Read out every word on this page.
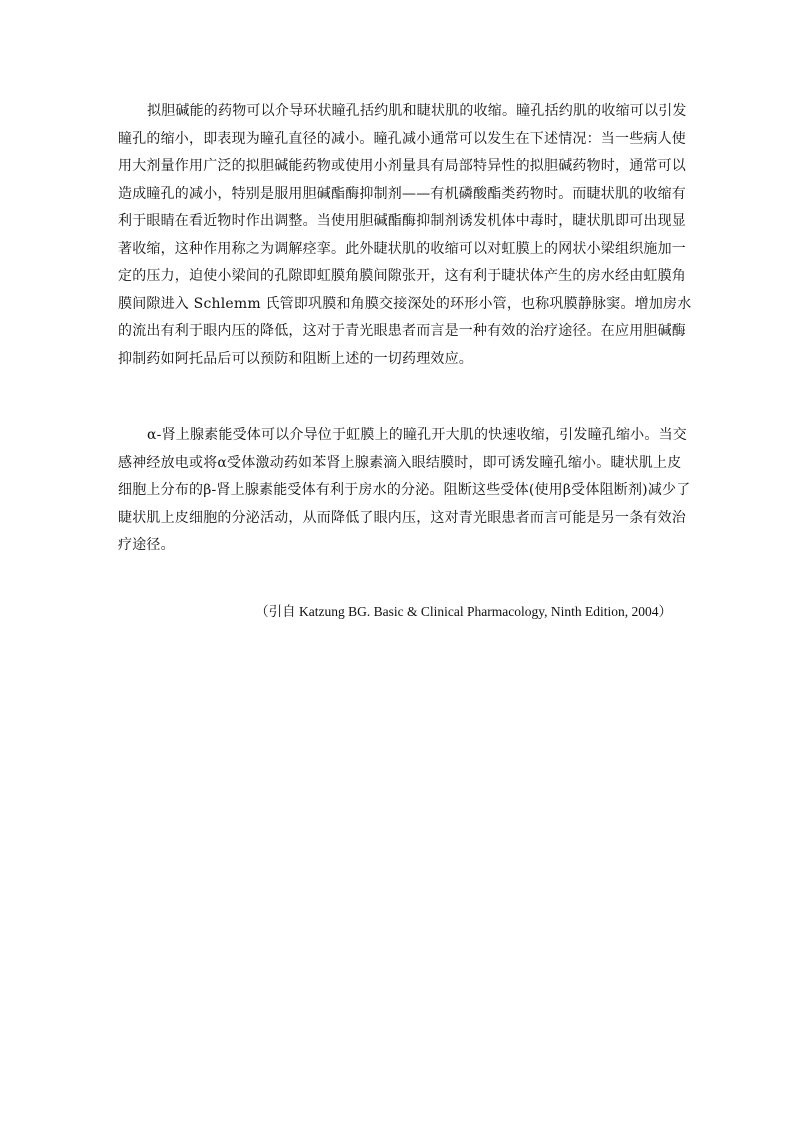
拟胆碱能的药物可以介导环状瞳孔括约肌和睫状肌的收缩。瞳孔括约肌的收缩可以引发
瞳孔的缩小，即表现为瞳孔直径的减小。瞳孔减小通常可以发生在下述情况：当一些病人使
用大剂量作用广泛的拟胆碱能药物或使用小剂量具有局部特异性的拟胆碱药物时，通常可以
造成瞳孔的减小，特别是服用胆碱酯酶抑制剂——有机磷酸酯类药物时。而睫状肌的收缩有
利于眼睛在看近物时作出调整。当使用胆碱酯酶抑制剂诱发机体中毒时，睫状肌即可出现显
著收缩，这种作用称之为调解痉挛。此外睫状肌的收缩可以对虹膜上的网状小梁组织施加一
定的压力，迫使小梁间的孔隙即虹膜角膜间隙张开，这有利于睫状体产生的房水经由虹膜角
膜间隙进入 Schlemm 氏管即巩膜和角膜交接深处的环形小管，也称巩膜静脉窦。增加房水
的流出有利于眼内压的降低，这对于青光眼患者而言是一种有效的治疗途径。在应用胆碱酶
抑制药如阿托品后可以预防和阻断上述的一切药理效应。
α-肾上腺素能受体可以介导位于虹膜上的瞳孔开大肌的快速收缩，引发瞳孔缩小。当交
感神经放电或将α受体激动药如苯肾上腺素滴入眼结膜时，即可诱发瞳孔缩小。睫状肌上皮
细胞上分布的β-肾上腺素能受体有利于房水的分泌。阻断这些受体(使用β受体阻断剂)减少了
睫状肌上皮细胞的分泌活动，从而降低了眼内压，这对青光眼患者而言可能是另一条有效治
疗途径。
（引自 Katzung BG. Basic & Clinical Pharmacology, Ninth Edition, 2004）
